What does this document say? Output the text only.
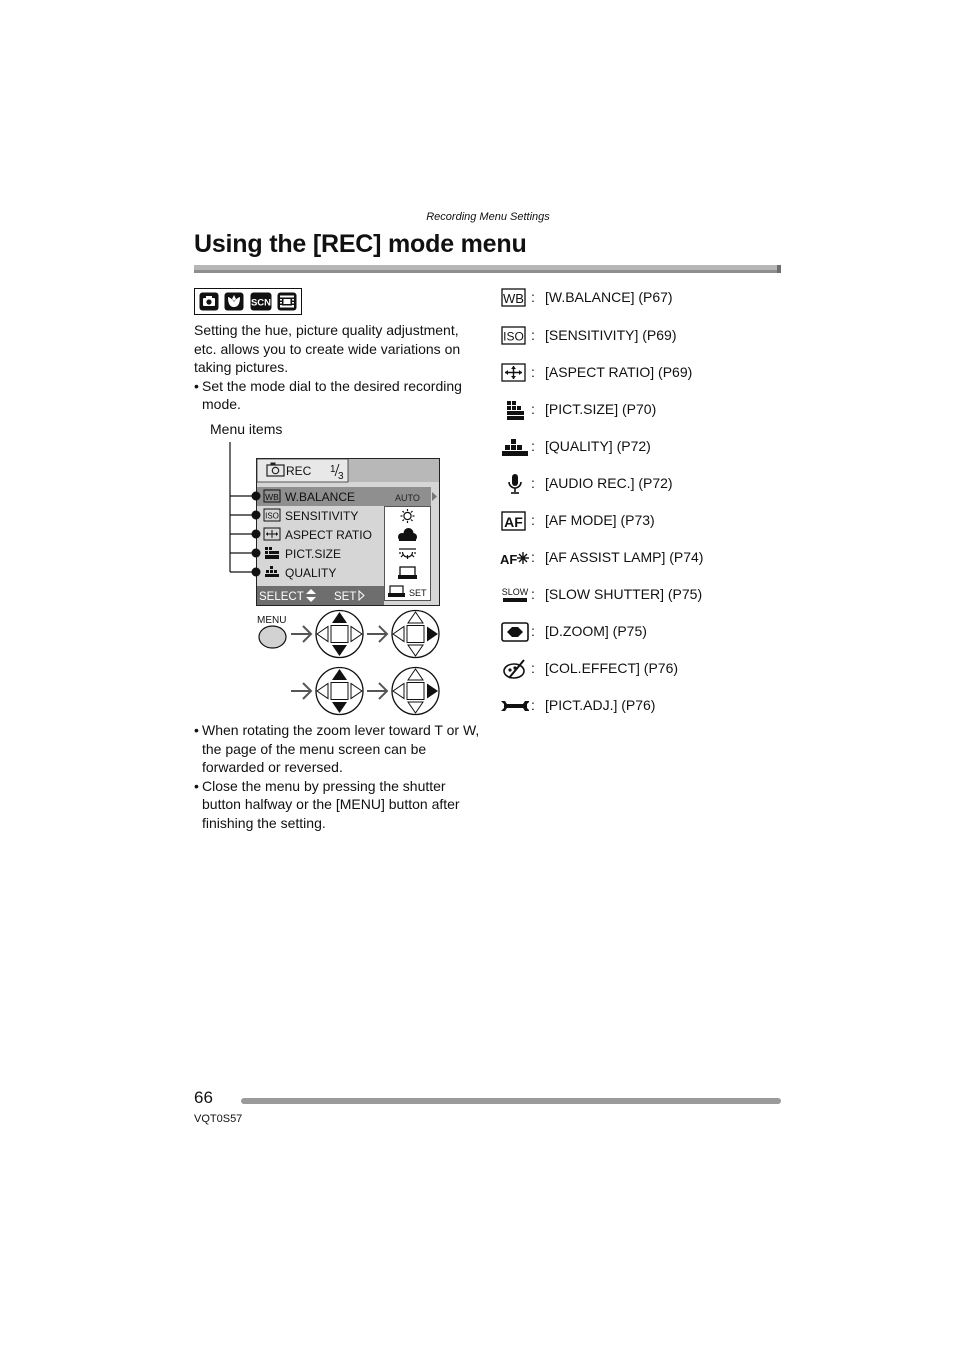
Recording Menu Settings
Using the [REC] mode menu
SCN
Setting the hue, picture quality adjustment, etc. allows you to create wide variations on taking pictures.
• Set the mode dial to the desired recording mode.
Menu items
REC 1
3
WB
ISO
W.BALANCE
SENSITIVITY
ASPECT RATIO
PICT.SIZE
QUALITY
AUTO
SET
SELECT	SET
MENU
• When rotating the zoom lever toward T or W, the page of the menu screen can be forwarded or reversed.
• Close the menu by pressing the shutter button halfway or the [MENU] button after finishing the setting.
WB : [W.BALANCE] (P67)
ISO : [SENSITIVITY] (P69)
: [ASPECT RATIO] (P69)
: [PICT.SIZE] (P70)
: [QUALITY] (P72)
: [AUDIO REC.] (P72)
AF : [AF MODE] (P73)
AF : [AF ASSIST LAMP] (P74)
SLOW : [SLOW SHUTTER] (P75)
: [D.ZOOM] (P75)
: [COL.EFFECT] (P76)
: [PICT.ADJ.] (P76)
66
VQT0S57
